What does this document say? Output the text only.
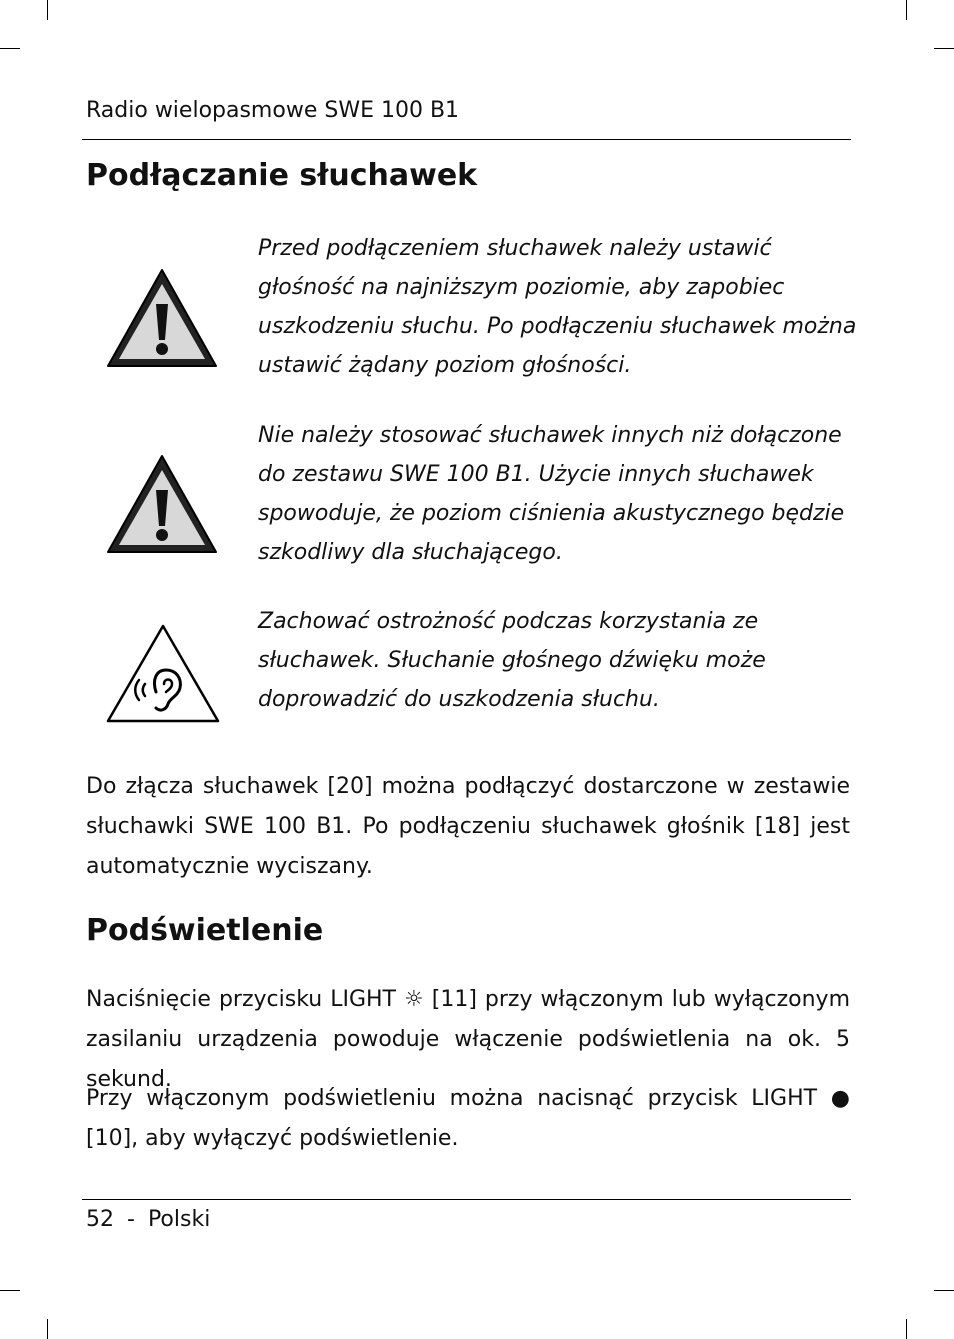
Radio wielopasmowe SWE 100 B1
Podłączanie słuchawek

Przed podłączeniem słuchawek należy ustawić głośność na najniższym poziomie, aby zapobiec uszkodzeniu słuchu. Po podłączeniu słuchawek można ustawić żądany poziom głośności.

Nie należy stosować słuchawek innych niż dołączone do zestawu SWE 100 B1. Użycie innych słuchawek spowoduje, że poziom ciśnienia akustycznego będzie szkodliwy dla słuchającego.

Zachować ostrożność podczas korzystania ze słuchawek. Słuchanie głośnego dźwięku może doprowadzić do uszkodzenia słuchu.

Do złącza słuchawek [20] można podłączyć dostarczone w zestawie słuchawki SWE 100 B1. Po podłączeniu słuchawek głośnik [18] jest automatycznie wyciszany.

Podświetlenie

Naciśnięcie przycisku LIGHT ☼ [11] przy włączonym lub wyłączonym zasilaniu urządzenia powoduje włączenie podświetlenia na ok. 5 sekund.

Przy włączonym podświetleniu można nacisnąć przycisk LIGHT ● [10], aby wyłączyć podświetlenie.

52 - Polski
